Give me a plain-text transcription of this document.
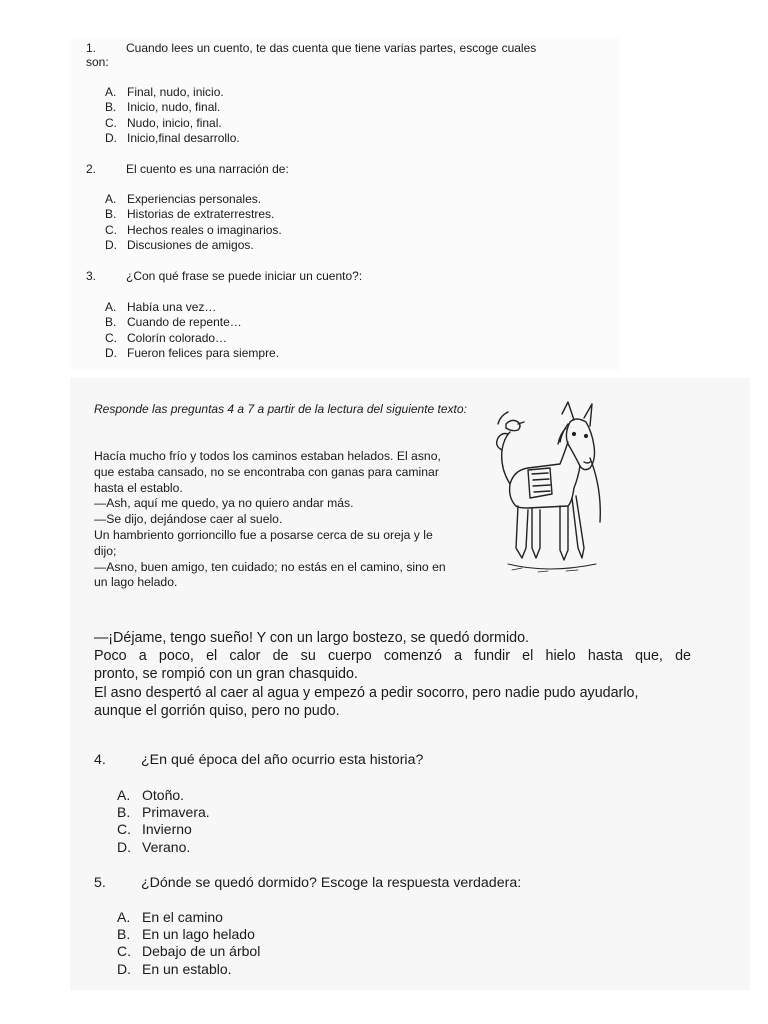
1. Cuando lees un cuento, te das cuenta que tiene varias partes, escoge cuales
son:
A. Final, nudo, inicio.
B. Inicio, nudo, final.
C. Nudo, inicio, final.
D. Inicio,final desarrollo.
2. El cuento es una narración de:
A. Experiencias personales.
B. Historias de extraterrestres.
C. Hechos reales o imaginarios.
D. Discusiones de amigos.
3. ¿Con qué frase se puede iniciar un cuento?:
A. Había una vez…
B. Cuando de repente…
C. Colorín colorado…
D. Fueron felices para siempre.
Responde las preguntas 4 a 7 a partir de la lectura del siguiente texto:

Hacía mucho frío y todos los caminos estaban helados. El asno,

que estaba cansado, no se encontraba con ganas para caminar

hasta el establo.

—Ash, aquí me quedo, ya no quiero andar más.

—Se dijo, dejándose caer al suelo.

Un hambriento gorrioncillo fue a posarse cerca de su oreja y le

dijo;

—Asno, buen amigo, ten cuidado; no estás en el camino, sino en

un lago helado.

—¡Déjame, tengo sueño! Y con un largo bostezo, se quedó dormido.

Poco a poco, el calor de su cuerpo comenzó a fundir el hielo hasta que, de

pronto, se rompió con un gran chasquido.

El asno despertó al caer al agua y empezó a pedir socorro, pero nadie pudo ayudarlo,

aunque el gorrión quiso, pero no pudo.

4. ¿En qué época del año ocurrio esta historia?
A. Otoño.
B. Primavera.
C. Invierno
D. Verano.
5. ¿Dónde se quedó dormido? Escoge la respuesta verdadera:
A. En el camino
B. En un lago helado
C. Debajo de un árbol
D. En un establo.
